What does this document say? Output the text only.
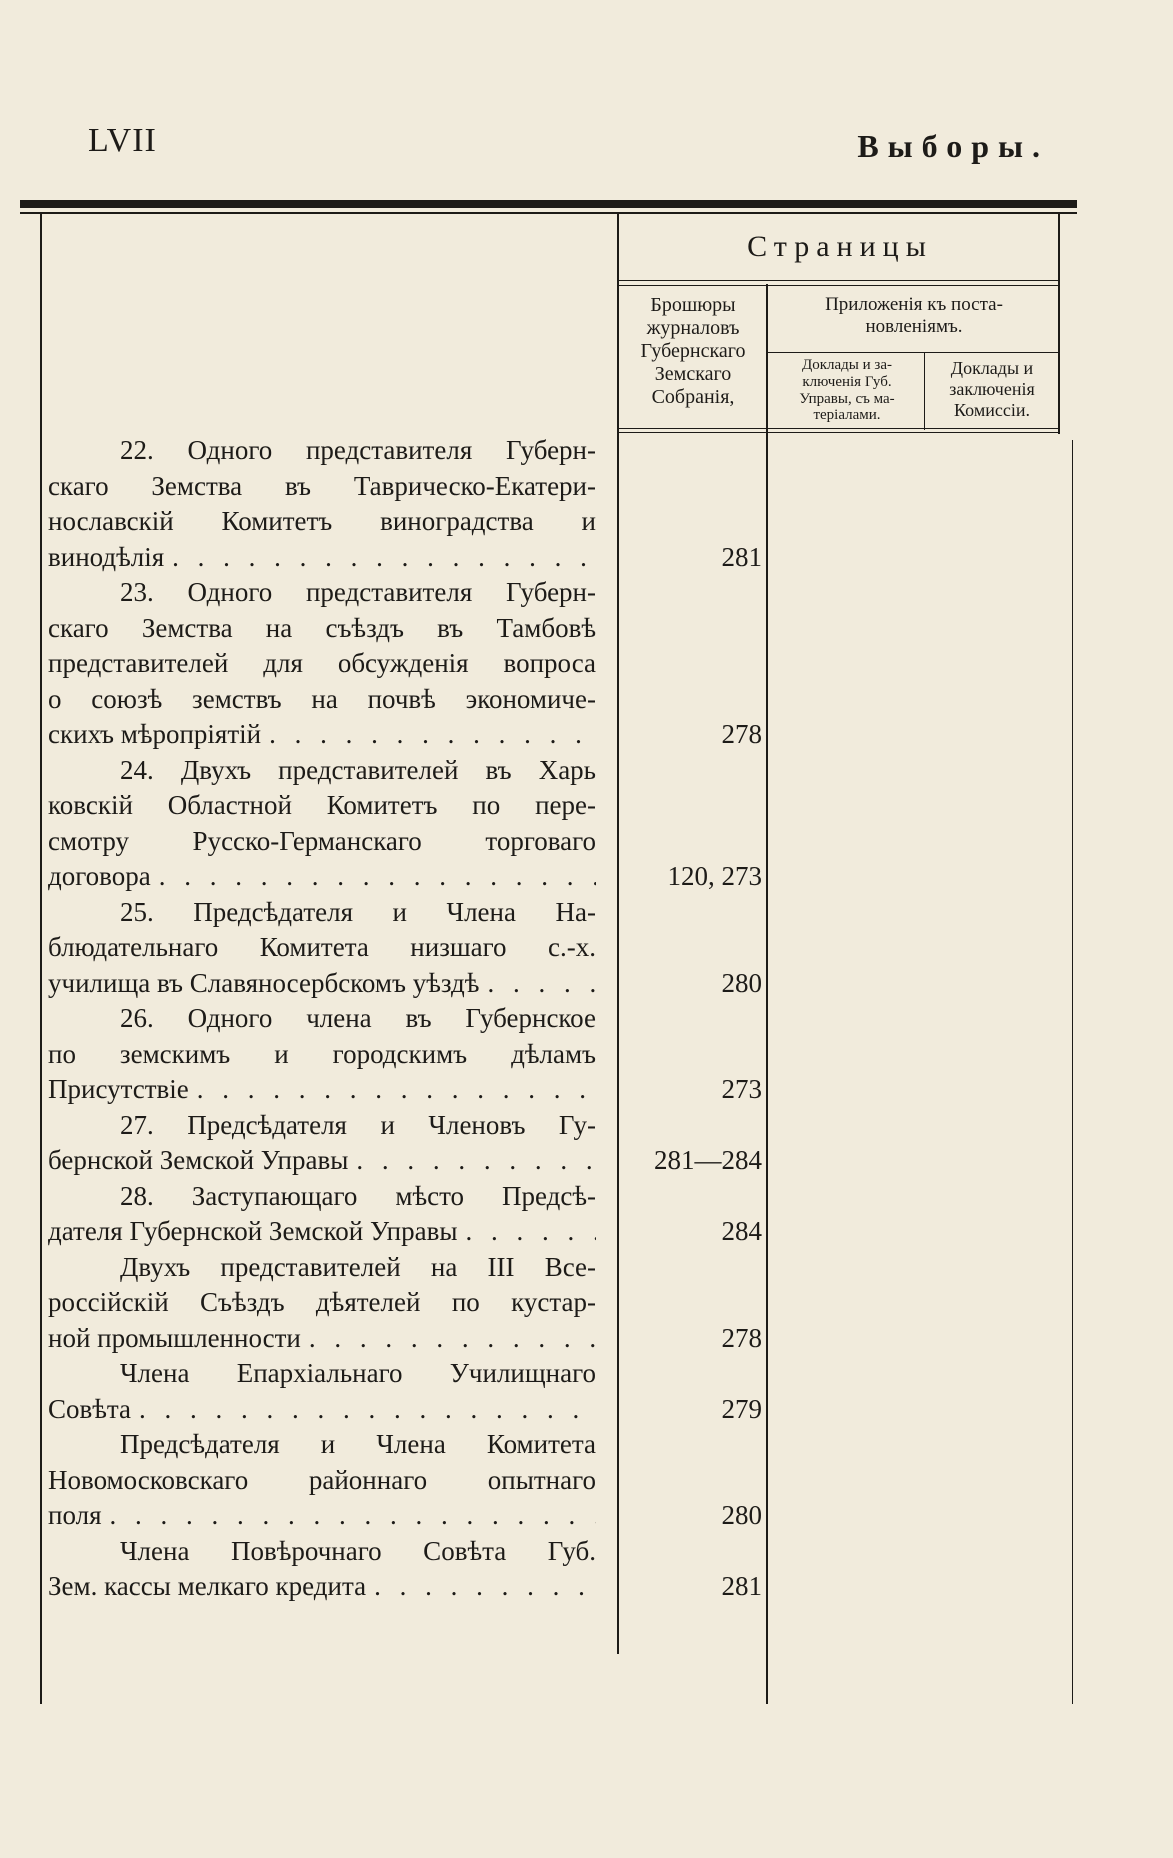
LVII	Выборы.
Страницы
Брошюры
журналовъ
Губернскаго
Земскаго
Собранія,
Приложенія къ поста-
новленіямъ.
Доклады и за-
ключенія Губ.
Управы, съ ма-
теріалами.
Доклады и
заключенія
Комиссіи.
22. Одного представителя Губерн-
скаго Земства въ Таврическо-Екатери-
нославскій Комитетъ виноградства и
винодѣлія
. . .
23. Одного представителя Губерн-
скаго Земства на съѣздъ въ Тамбовѣ
представителей для обсужденія вопроса
о союзѣ земствъ на почвѣ экономиче-
скихъ мѣропріятій
. . .
24. Двухъ представителей въ Харь
ковскій Областной Комитетъ по пере-
смотру Русско-Германскаго торговаго
договора
. . .
25. Предсѣдателя и Члена На-
блюдательнаго Комитета низшаго с.-х.
училища въ Славяносербскомъ уѣздѣ
. . .
26. Одного члена въ Губернское
по земскимъ и городскимъ дѣламъ
Присутствіе
. . .
27. Предсѣдателя и Членовъ Гу-
бернской Земской Управы
. . .
28. Заступающаго мѣсто Предсѣ-
дателя Губернской Земской Управы
. . .
Двухъ представителей на III Все-
россійскій Съѣздъ дѣятелей по кустар-
ной промышленности
. . .
Члена Епархіальнаго Училищнаго
Совѣта
. . .
Предсѣдателя и Члена Комитета
Новомосковскаго районнаго опытнаго
поля
. . .
Члена Повѣрочнаго Совѣта Губ.
Зем. кассы мелкаго кредита
. . .
281
278
120, 273
280
273
281—284
284
278
279
280
281
